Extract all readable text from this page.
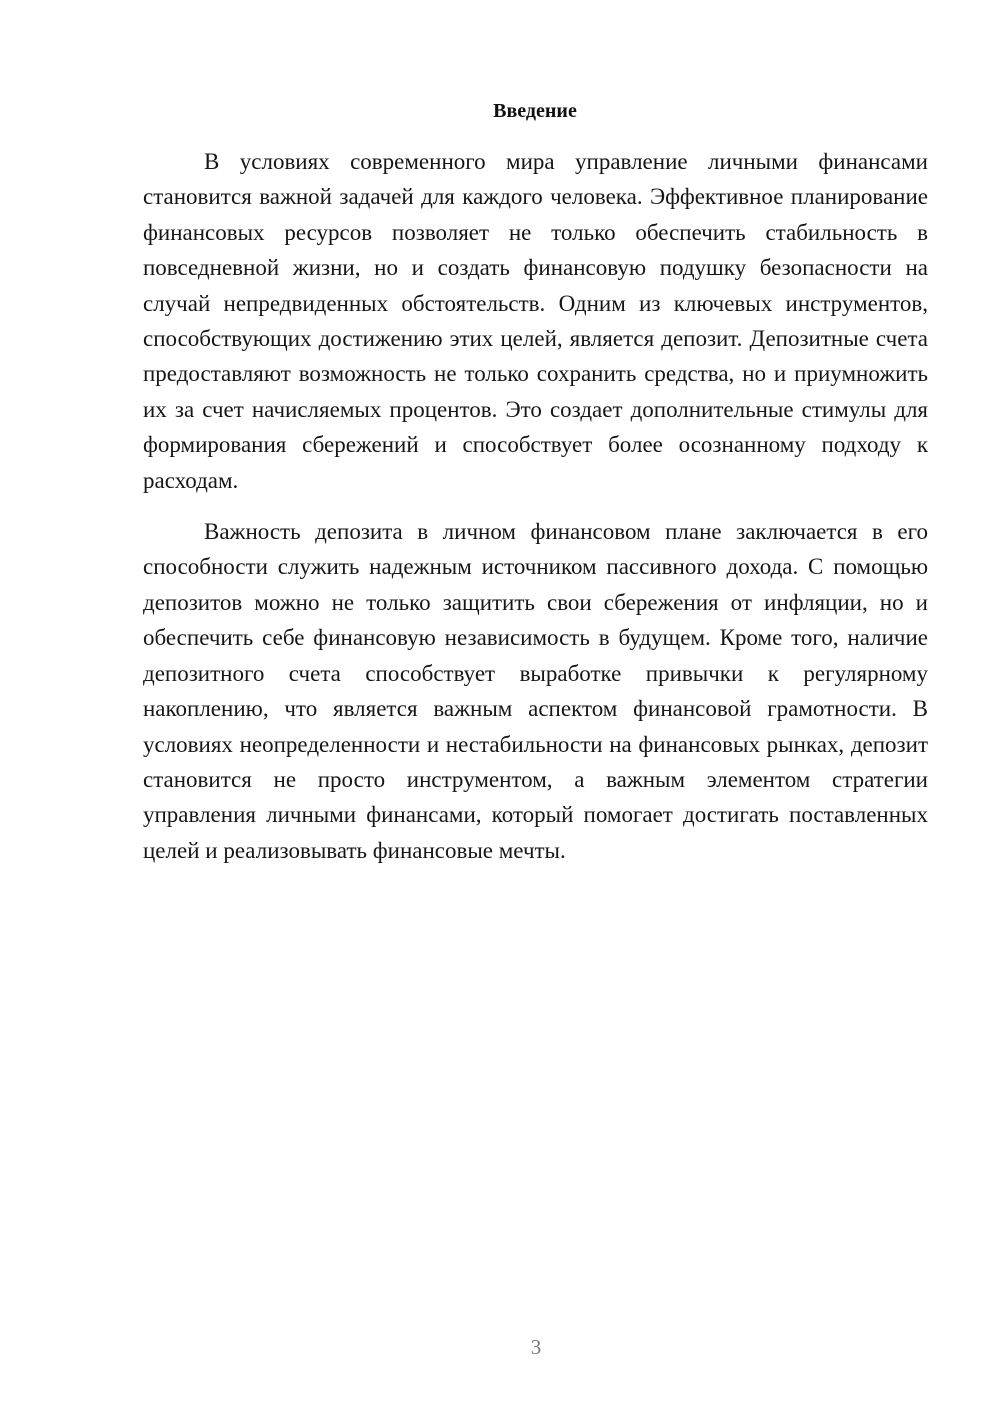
Введение

В условиях современного мира управление личными финансами становится важной задачей для каждого человека. Эффективное планирование финансовых ресурсов позволяет не только обеспечить стабильность в повседневной жизни, но и создать финансовую подушку безопасности на случай непредвиденных обстоятельств. Одним из ключевых инструментов, способствующих достижению этих целей, является депозит. Депозитные счета предоставляют возможность не только сохранить средства, но и приумножить их за счет начисляемых процентов. Это создает дополнительные стимулы для формирования сбережений и способствует более осознанному подходу к расходам.

Важность депозита в личном финансовом плане заключается в его способности служить надежным источником пассивного дохода. С помощью депозитов можно не только защитить свои сбережения от инфляции, но и обеспечить себе финансовую независимость в будущем. Кроме того, наличие депозитного счета способствует выработке привычки к регулярному накоплению, что является важным аспектом финансовой грамотности. В условиях неопределенности и нестабильности на финансовых рынках, депозит становится не просто инструментом, а важным элементом стратегии управления личными финансами, который помогает достигать поставленных целей и реализовывать финансовые мечты.

3
